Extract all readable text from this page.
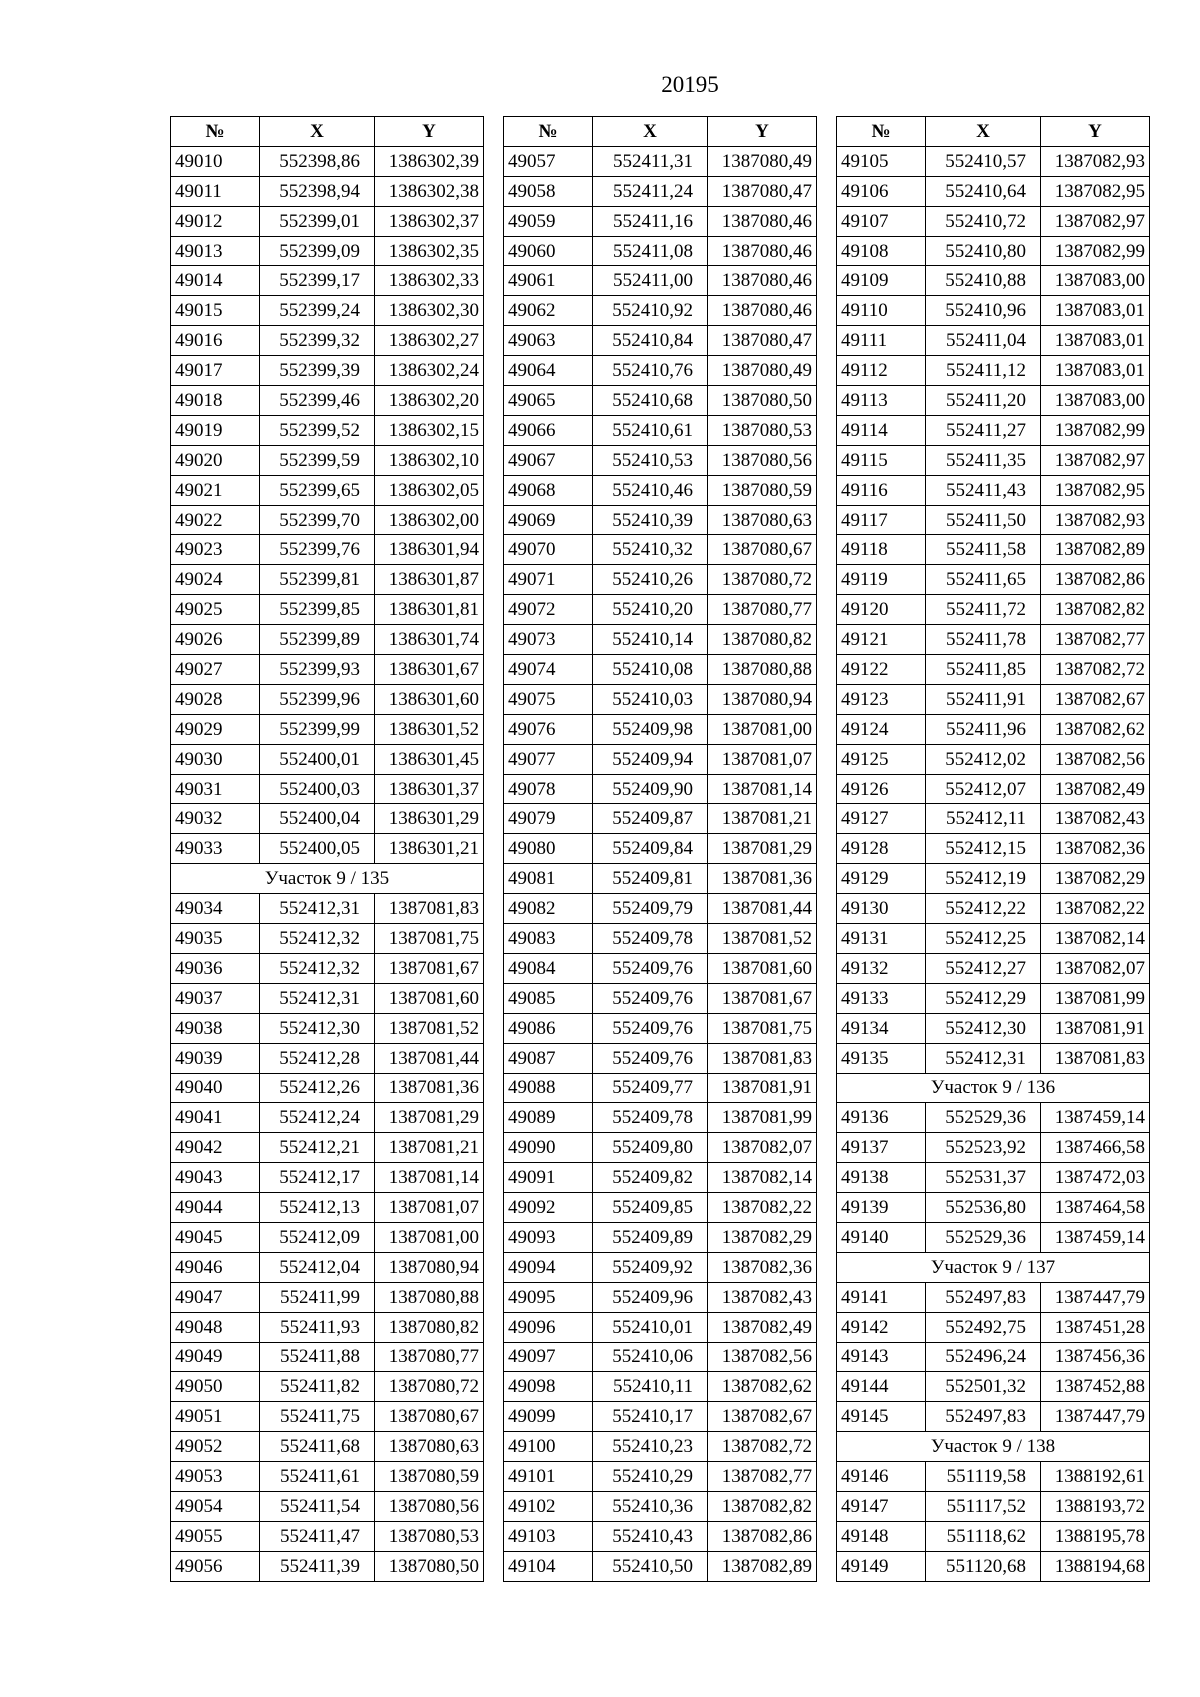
20195
№	X	Y
49010	552398,86	1386302,39
49011	552398,94	1386302,38
49012	552399,01	1386302,37
49013	552399,09	1386302,35
49014	552399,17	1386302,33
49015	552399,24	1386302,30
49016	552399,32	1386302,27
49017	552399,39	1386302,24
49018	552399,46	1386302,20
49019	552399,52	1386302,15
49020	552399,59	1386302,10
49021	552399,65	1386302,05
49022	552399,70	1386302,00
49023	552399,76	1386301,94
49024	552399,81	1386301,87
49025	552399,85	1386301,81
49026	552399,89	1386301,74
49027	552399,93	1386301,67
49028	552399,96	1386301,60
49029	552399,99	1386301,52
49030	552400,01	1386301,45
49031	552400,03	1386301,37
49032	552400,04	1386301,29
49033	552400,05	1386301,21
Участок 9 / 135		
49034	552412,31	1387081,83
49035	552412,32	1387081,75
49036	552412,32	1387081,67
49037	552412,31	1387081,60
49038	552412,30	1387081,52
49039	552412,28	1387081,44
49040	552412,26	1387081,36
49041	552412,24	1387081,29
49042	552412,21	1387081,21
49043	552412,17	1387081,14
49044	552412,13	1387081,07
49045	552412,09	1387081,00
49046	552412,04	1387080,94
49047	552411,99	1387080,88
49048	552411,93	1387080,82
49049	552411,88	1387080,77
49050	552411,82	1387080,72
49051	552411,75	1387080,67
49052	552411,68	1387080,63
49053	552411,61	1387080,59
49054	552411,54	1387080,56
49055	552411,47	1387080,53
49056	552411,39	1387080,50
№	X	Y
49057	552411,31	1387080,49
49058	552411,24	1387080,47
49059	552411,16	1387080,46
49060	552411,08	1387080,46
49061	552411,00	1387080,46
49062	552410,92	1387080,46
49063	552410,84	1387080,47
49064	552410,76	1387080,49
49065	552410,68	1387080,50
49066	552410,61	1387080,53
49067	552410,53	1387080,56
49068	552410,46	1387080,59
49069	552410,39	1387080,63
49070	552410,32	1387080,67
49071	552410,26	1387080,72
49072	552410,20	1387080,77
49073	552410,14	1387080,82
49074	552410,08	1387080,88
49075	552410,03	1387080,94
49076	552409,98	1387081,00
49077	552409,94	1387081,07
49078	552409,90	1387081,14
49079	552409,87	1387081,21
49080	552409,84	1387081,29
49081	552409,81	1387081,36
49082	552409,79	1387081,44
49083	552409,78	1387081,52
49084	552409,76	1387081,60
49085	552409,76	1387081,67
49086	552409,76	1387081,75
49087	552409,76	1387081,83
49088	552409,77	1387081,91
49089	552409,78	1387081,99
49090	552409,80	1387082,07
49091	552409,82	1387082,14
49092	552409,85	1387082,22
49093	552409,89	1387082,29
49094	552409,92	1387082,36
49095	552409,96	1387082,43
49096	552410,01	1387082,49
49097	552410,06	1387082,56
49098	552410,11	1387082,62
49099	552410,17	1387082,67
49100	552410,23	1387082,72
49101	552410,29	1387082,77
49102	552410,36	1387082,82
49103	552410,43	1387082,86
49104	552410,50	1387082,89
№	X	Y
49105	552410,57	1387082,93
49106	552410,64	1387082,95
49107	552410,72	1387082,97
49108	552410,80	1387082,99
49109	552410,88	1387083,00
49110	552410,96	1387083,01
49111	552411,04	1387083,01
49112	552411,12	1387083,01
49113	552411,20	1387083,00
49114	552411,27	1387082,99
49115	552411,35	1387082,97
49116	552411,43	1387082,95
49117	552411,50	1387082,93
49118	552411,58	1387082,89
49119	552411,65	1387082,86
49120	552411,72	1387082,82
49121	552411,78	1387082,77
49122	552411,85	1387082,72
49123	552411,91	1387082,67
49124	552411,96	1387082,62
49125	552412,02	1387082,56
49126	552412,07	1387082,49
49127	552412,11	1387082,43
49128	552412,15	1387082,36
49129	552412,19	1387082,29
49130	552412,22	1387082,22
49131	552412,25	1387082,14
49132	552412,27	1387082,07
49133	552412,29	1387081,99
49134	552412,30	1387081,91
49135	552412,31	1387081,83
Участок 9 / 136		
49136	552529,36	1387459,14
49137	552523,92	1387466,58
49138	552531,37	1387472,03
49139	552536,80	1387464,58
49140	552529,36	1387459,14
Участок 9 / 137		
49141	552497,83	1387447,79
49142	552492,75	1387451,28
49143	552496,24	1387456,36
49144	552501,32	1387452,88
49145	552497,83	1387447,79
Участок 9 / 138		
49146	551119,58	1388192,61
49147	551117,52	1388193,72
49148	551118,62	1388195,78
49149	551120,68	1388194,68
